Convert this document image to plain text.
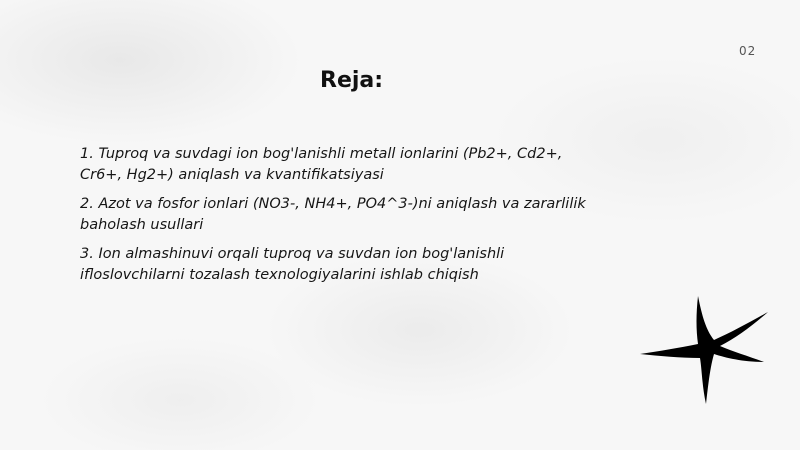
02
Reja:
1. Tuproq va suvdagi ion bog'lanishli metall ionlarini (Pb2+, Cd2+, Cr6+, Hg2+) aniqlash va kvantifikatsiyasi
2. Azot va fosfor ionlari (NO3-, NH4+, PO4^3-)ni aniqlash va zararlilik baholash usullari
3. Ion almashinuvi orqali tuproq va suvdan ion bog'lanishli ifloslovchilarni tozalash texnologiyalarini ishlab chiqish
